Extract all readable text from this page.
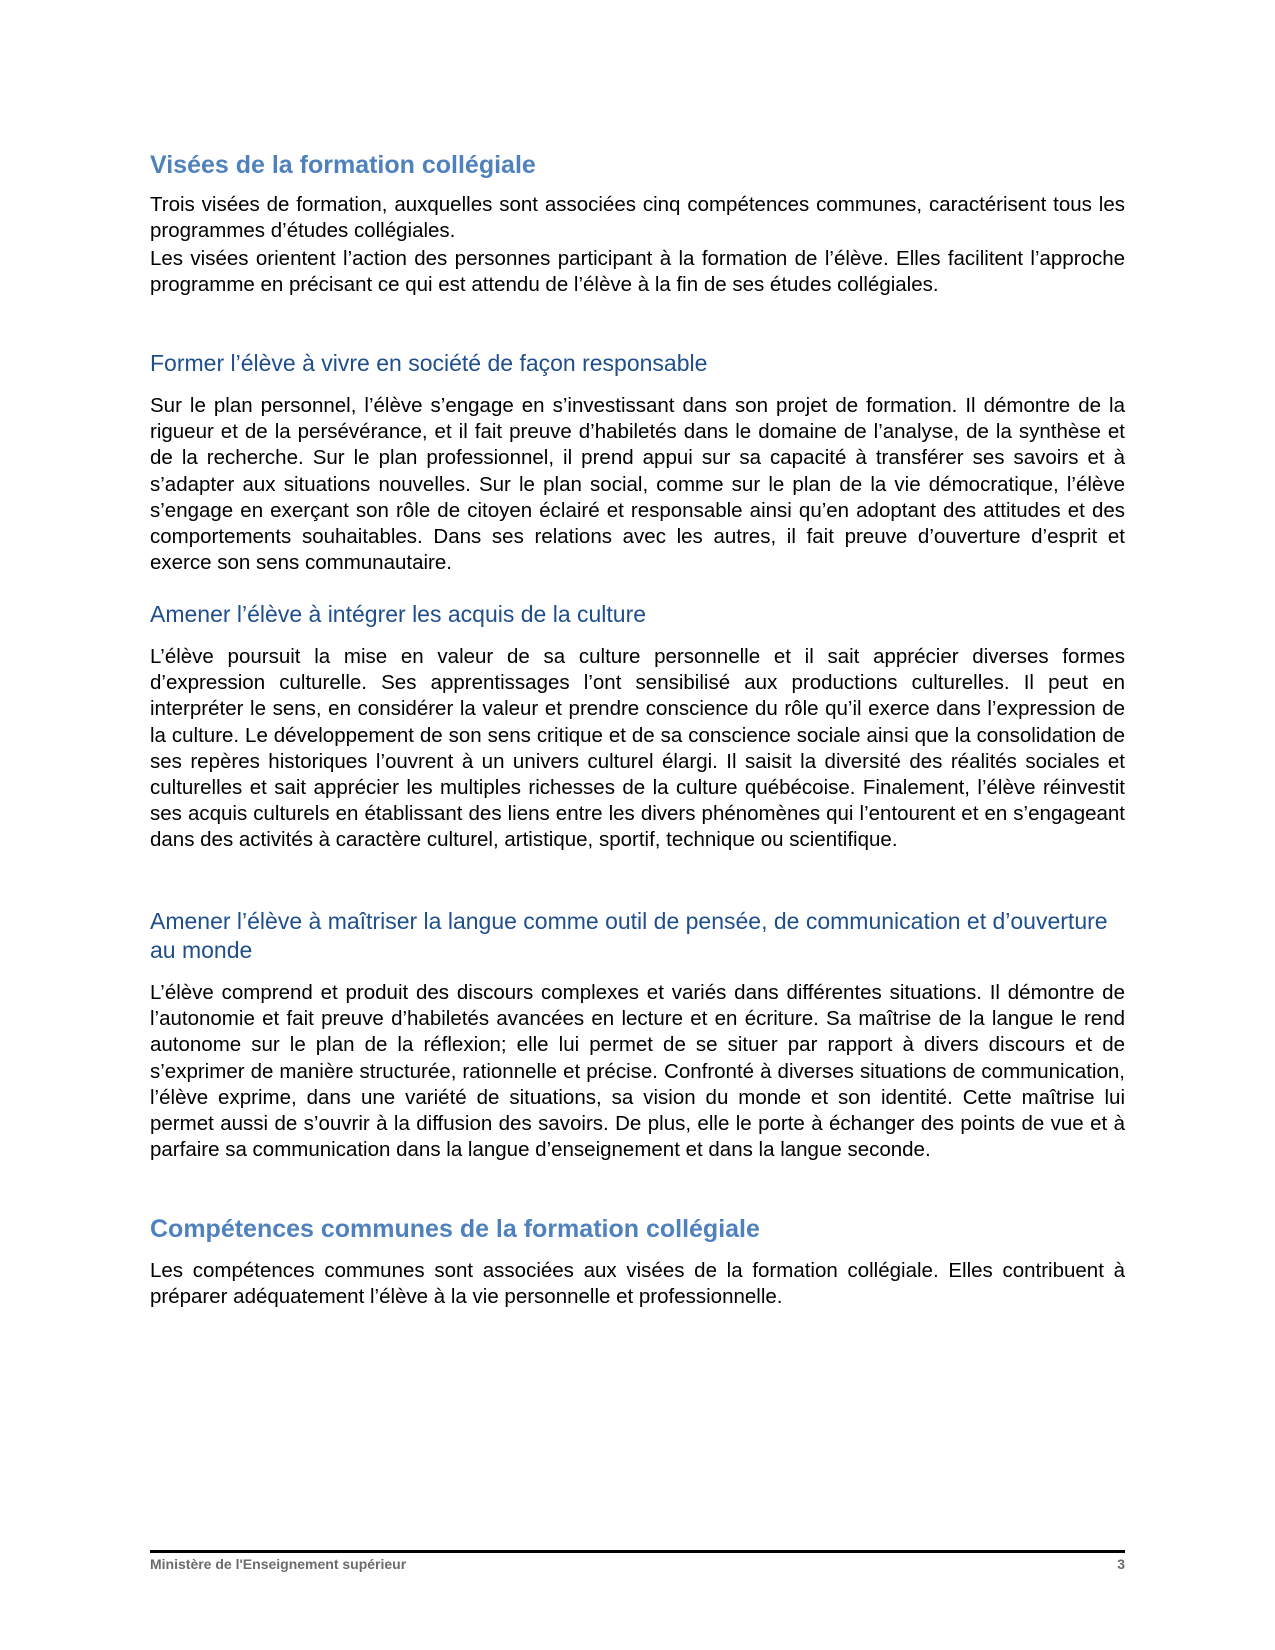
Visées de la formation collégiale

Trois visées de formation, auxquelles sont associées cinq compétences communes, caractérisent tous les programmes d’études collégiales.

Les visées orientent l’action des personnes participant à la formation de l’élève. Elles facilitent l’approche programme en précisant ce qui est attendu de l’élève à la fin de ses études collégiales.

Former l’élève à vivre en société de façon responsable

Sur le plan personnel, l’élève s’engage en s’investissant dans son projet de formation. Il démontre de la rigueur et de la persévérance, et il fait preuve d’habiletés dans le domaine de l’analyse, de la synthèse et de la recherche. Sur le plan professionnel, il prend appui sur sa capacité à transférer ses savoirs et à s’adapter aux situations nouvelles. Sur le plan social, comme sur le plan de la vie démocratique, l’élève s’engage en exerçant son rôle de citoyen éclairé et responsable ainsi qu’en adoptant des attitudes et des comportements souhaitables. Dans ses relations avec les autres, il fait preuve d’ouverture d’esprit et exerce son sens communautaire.

Amener l’élève à intégrer les acquis de la culture

L’élève poursuit la mise en valeur de sa culture personnelle et il sait apprécier diverses formes d’expression culturelle. Ses apprentissages l’ont sensibilisé aux productions culturelles. Il peut en interpréter le sens, en considérer la valeur et prendre conscience du rôle qu’il exerce dans l’expression de la culture. Le développement de son sens critique et de sa conscience sociale ainsi que la consolidation de ses repères historiques l’ouvrent à un univers culturel élargi. Il saisit la diversité des réalités sociales et culturelles et sait apprécier les multiples richesses de la culture québécoise. Finalement, l’élève réinvestit ses acquis culturels en établissant des liens entre les divers phénomènes qui l’entourent et en s’engageant dans des activités à caractère culturel, artistique, sportif, technique ou scientifique.

Amener l’élève à maîtriser la langue comme outil de pensée, de communication et d’ouverture au monde

L’élève comprend et produit des discours complexes et variés dans différentes situations. Il démontre de l’autonomie et fait preuve d’habiletés avancées en lecture et en écriture. Sa maîtrise de la langue le rend autonome sur le plan de la réflexion; elle lui permet de se situer par rapport à divers discours et de s’exprimer de manière structurée, rationnelle et précise. Confronté à diverses situations de communication, l’élève exprime, dans une variété de situations, sa vision du monde et son identité. Cette maîtrise lui permet aussi de s’ouvrir à la diffusion des savoirs. De plus, elle le porte à échanger des points de vue et à parfaire sa communication dans la langue d’enseignement et dans la langue seconde.

Compétences communes de la formation collégiale

Les compétences communes sont associées aux visées de la formation collégiale. Elles contribuent à préparer adéquatement l’élève à la vie personnelle et professionnelle.

Ministère de l'Enseignement supérieur	3
